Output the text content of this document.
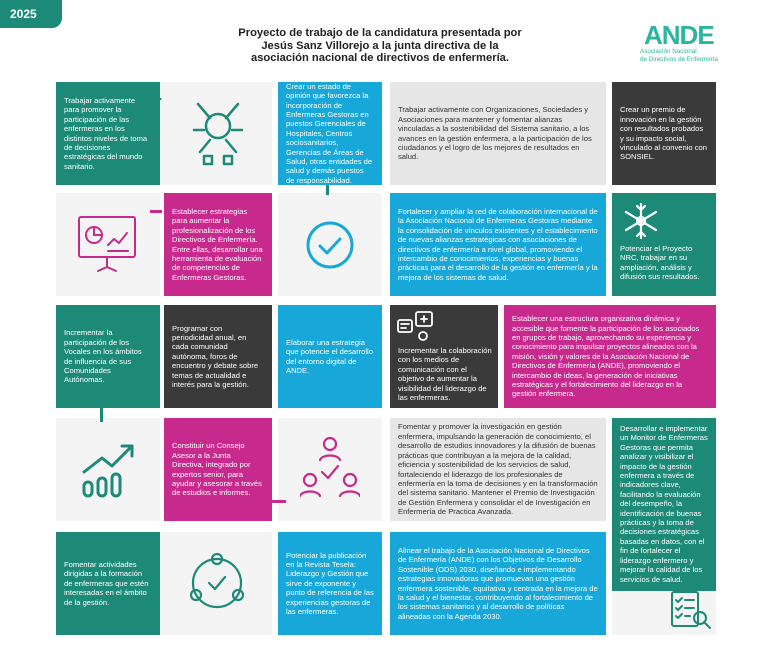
2025
Proyecto de trabajo de la candidatura presentada por
Jesús Sanz Villorejo a la junta directiva de la
asociación nacional de directivos de enfermería.
ANDE
Asociación Nacional
de Directivos de Enfermería
Trabajar activamente para promover la participación de las enfermeras en los distintos niveles de toma de decisiones estratégicas del mundo sanitario.
Crear un estado de opinión que favorezca la incorporación de Enfermeras Gestoras en puestos Gerenciales de Hospitales, Centros sociosanitarios, Gerencias de Áreas de Salud, otras entidades de salud y demás puestos de responsabilidad.
Trabajar activamente con Organizaciones, Sociedades y Asociaciones para mantener y fomentar alianzas vinculadas a la sostenibilidad del Sistema sanitario, a los avances en la gestión enfermera, a la participación de los ciudadanos y el logro de los mejores de resultados en salud.
Crear un premio de innovación en la gestión con resultados probados y su impacto social, vinculado al convenio con SONSIEL.
Establecer estrategias para aumentar la profesionalización de los Directivos de Enfermería. Entre ellas, desarrollar una herramienta de evaluación de competencias de Enfermeras Gestoras.
Fortalecer y ampliar la red de colaboración internacional de la Asociación Nacional de Enfermeras Gestoras mediante la consolidación de vínculos existentes y el establecimiento de nuevas alianzas estratégicas con asociaciones de directivos de enfermería a nivel global, promoviendo el intercambio de conocimientos, experiencias y buenas prácticas para el desarrollo de la gestión en enfermería y la mejora de los sistemas de salud.
Potenciar el Proyecto NRC, trabajar en su ampliación, análisis y difusión sus resultados.
Incrementar la participación de los Vocales en los ámbitos de influencia de sus Comunidades Autónomas.
Programar con periodicidad anual, en cada comunidad autónoma, foros de encuentro y debate sobre temas de actualidad e interés para la gestión.
Elaborar una estrategia que potencie el desarrollo del entorno digital de ANDE.
Incrementar la colaboración con los medios de comunicación con el objetivo de aumentar la visibilidad del liderazgo de las enfermeras.
Establecer una estructura organizativa dinámica y accesible que fomente la participación de los asociados en grupos de trabajo, aprovechando su experiencia y conocimiento para impulsar proyectos alineados con la misión, visión y valores de la Asociación Nacional de Directivos de Enfermería (ANDE), promoviendo el intercambio de ideas, la generación de iniciativas estratégicas y el fortalecimiento del liderazgo en la gestión enfermera.
Constituir un Consejo Asesor a la Junta Directiva, integrado por expertos senior, para ayudar y asesorar a través de estudios e informes.
Fomentar y promover la investigación en gestión enfermera, impulsando la generación de conocimiento, el desarrollo de estudios innovadores y la difusión de buenas prácticas que contribuyan a la mejora de la calidad, eficiencia y sostenibilidad de los servicios de salud, fortaleciendo el liderazgo de los profesionales de enfermería en la toma de decisiones y en la transformación del sistema sanitario. Mantener el Premio de Investigación de Gestión Enfermera y consolidar el de Investigación en Enfermería de Practica Avanzada.
Desarrollar e implementar un Monitor de Enfermeras Gestoras que permita analizar y visibilizar el impacto de la gestión enfermera a través de indicadores clave, facilitando la evaluación del desempeño, la identificación de buenas prácticas y la toma de decisiones estratégicas basadas en datos, con el fin de fortalecer el liderazgo enfermero y mejorar la calidad de los servicios de salud.
Fomentar actividades dirigidas a la formación de enfermeras que estén interesadas en el ámbito de la gestión.
Potenciar la publicación en la Revista Tesela: Liderazgo y Gestión que sirve de exponente y punto de referencia de las experiencias gestoras de las enfermeras.
Alinear el trabajo de la Asociación Nacional de Directivos de Enfermería (ANDE) con los Objetivos de Desarrollo Sostenible (ODS) 2030, diseñando e implementando estrategias innovadoras que promuevan una gestión enfermera sostenible, equitativa y centrada en la mejora de la salud y el bienestar, contribuyendo al fortalecimiento de los sistemas sanitarios y al desarrollo de políticas alineadas con la Agenda 2030.
